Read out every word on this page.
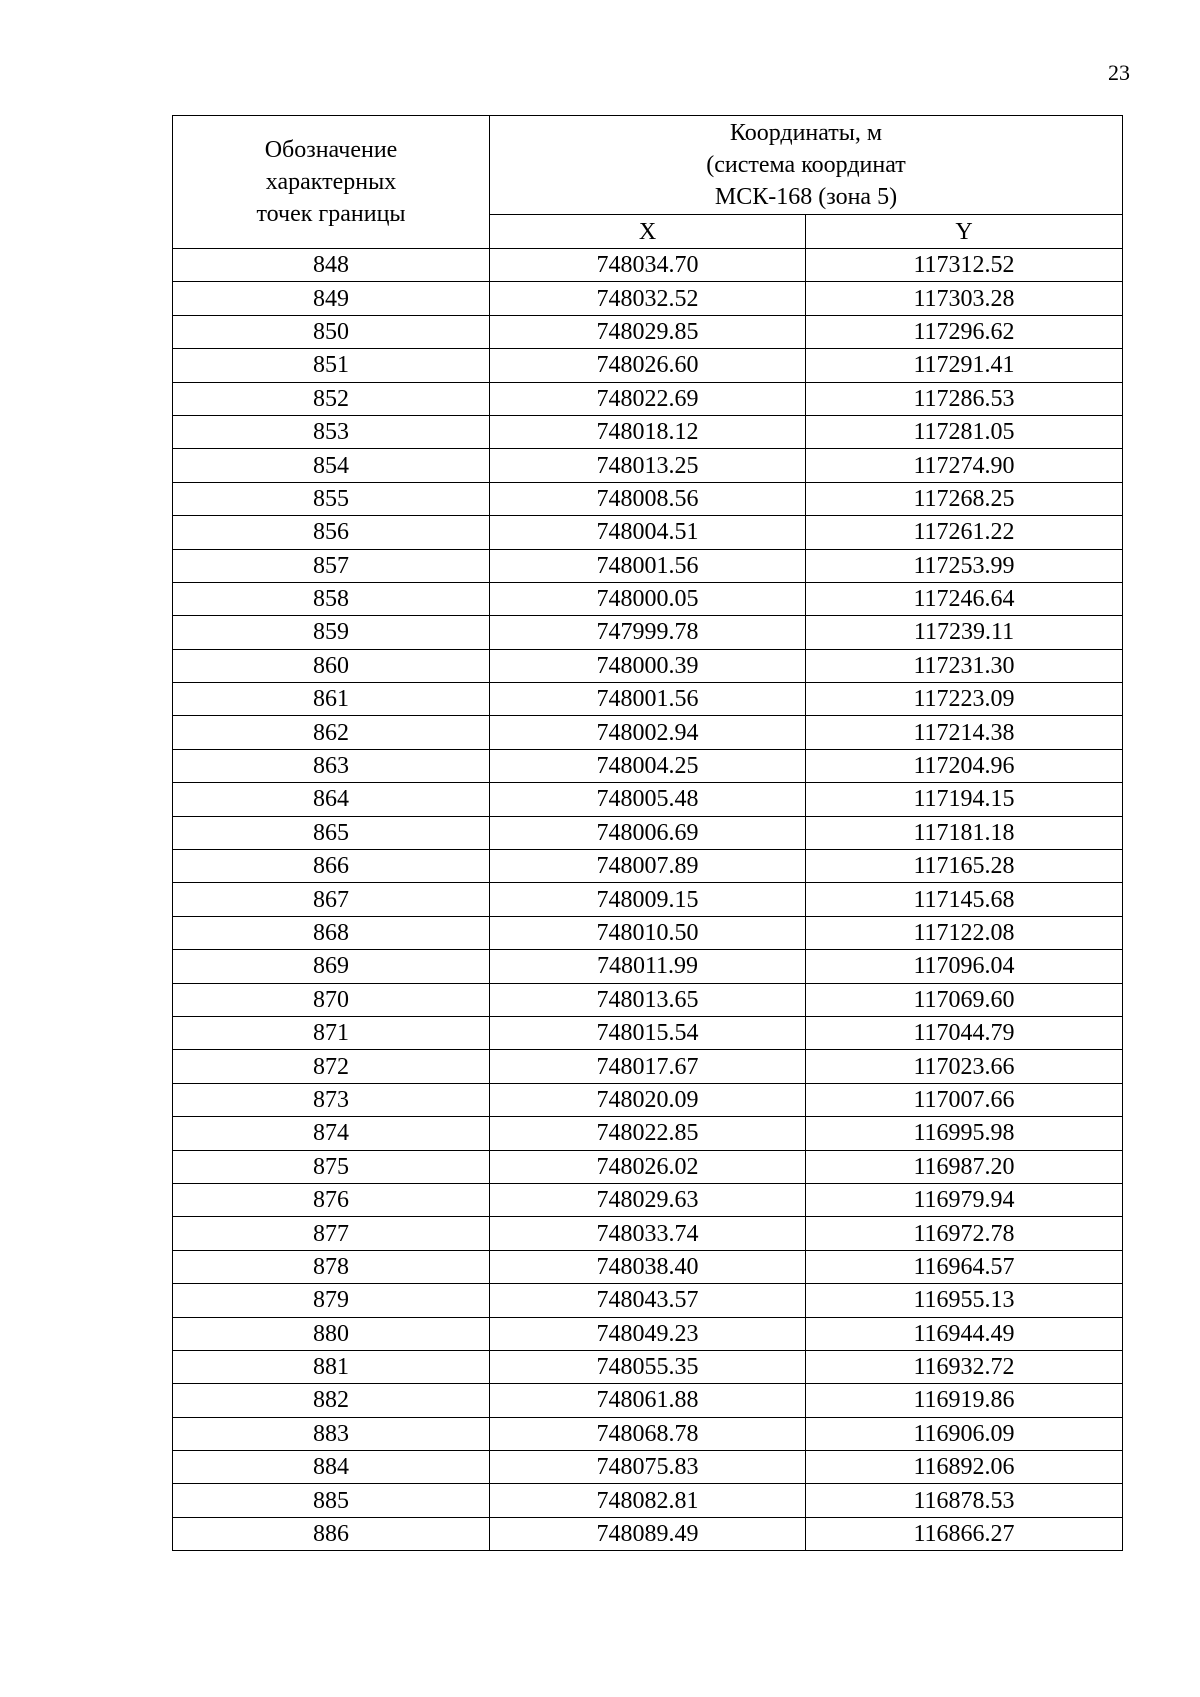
23
Обозначение
характерных
точек границы	Координаты, м
(система координат
МСК-168 (зона 5)	
	X	Y
848	748034.70	117312.52
849	748032.52	117303.28
850	748029.85	117296.62
851	748026.60	117291.41
852	748022.69	117286.53
853	748018.12	117281.05
854	748013.25	117274.90
855	748008.56	117268.25
856	748004.51	117261.22
857	748001.56	117253.99
858	748000.05	117246.64
859	747999.78	117239.11
860	748000.39	117231.30
861	748001.56	117223.09
862	748002.94	117214.38
863	748004.25	117204.96
864	748005.48	117194.15
865	748006.69	117181.18
866	748007.89	117165.28
867	748009.15	117145.68
868	748010.50	117122.08
869	748011.99	117096.04
870	748013.65	117069.60
871	748015.54	117044.79
872	748017.67	117023.66
873	748020.09	117007.66
874	748022.85	116995.98
875	748026.02	116987.20
876	748029.63	116979.94
877	748033.74	116972.78
878	748038.40	116964.57
879	748043.57	116955.13
880	748049.23	116944.49
881	748055.35	116932.72
882	748061.88	116919.86
883	748068.78	116906.09
884	748075.83	116892.06
885	748082.81	116878.53
886	748089.49	116866.27
